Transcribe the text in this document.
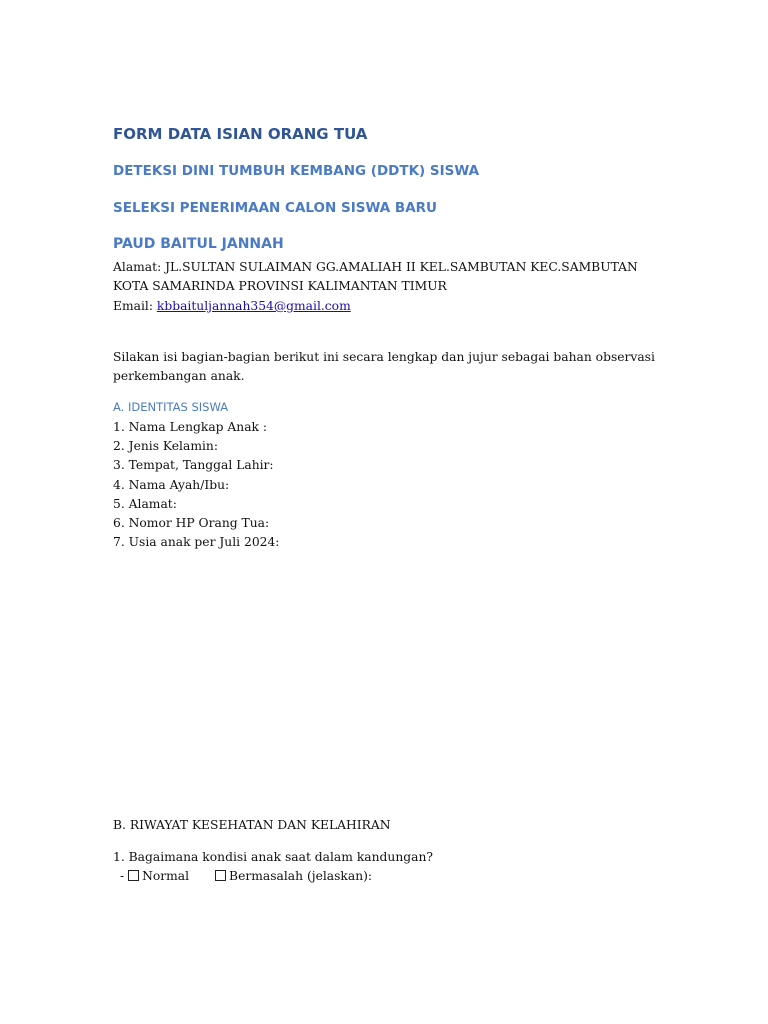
FORM DATA ISIAN ORANG TUA
DETEKSI DINI TUMBUH KEMBANG (DDTK) SISWA
SELEKSI PENERIMAAN CALON SISWA BARU
PAUD BAITUL JANNAH
Alamat: JL.SULTAN SULAIMAN GG.AMALIAH II KEL.SAMBUTAN KEC.SAMBUTAN
KOTA SAMARINDA PROVINSI KALIMANTAN TIMUR
Email: kbbaituljannah354@gmail.com
Silakan isi bagian-bagian berikut ini secara lengkap dan jujur sebagai bahan observasi
perkembangan anak.
A. IDENTITAS SISWA
1. Nama Lengkap Anak :
2. Jenis Kelamin:
3. Tempat, Tanggal Lahir:
4. Nama Ayah/Ibu:
5. Alamat:
6. Nomor HP Orang Tua:
7. Usia anak per Juli 2024:
B. RIWAYAT KESEHATAN DAN KELAHIRAN
1. Bagaimana kondisi anak saat dalam kandungan?
- Normal	Bermasalah (jelaskan):
